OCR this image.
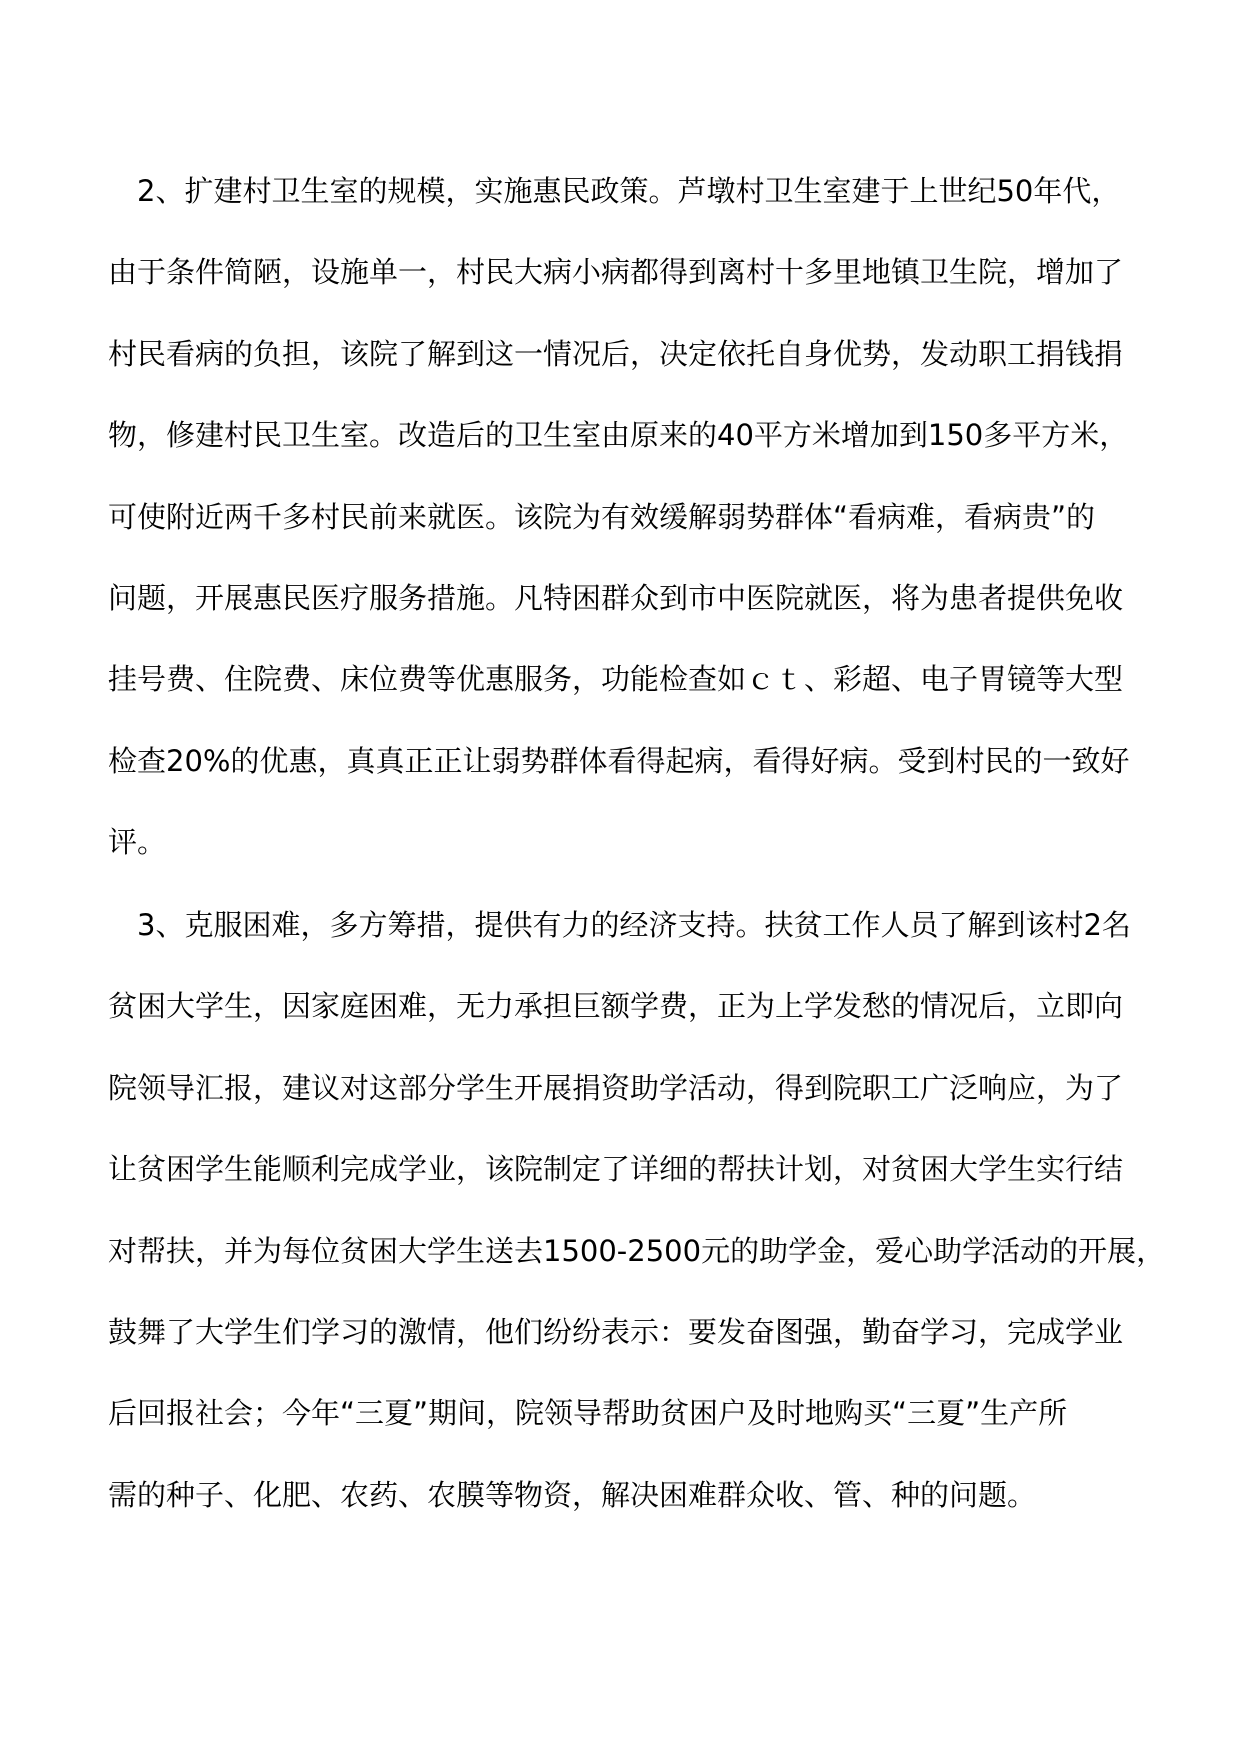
　2、扩建村卫生室的规模，实施惠民政策。芦墩村卫生室建于上世纪50年代，
由于条件简陋，设施单一，村民大病小病都得到离村十多里地镇卫生院，增加了
村民看病的负担，该院了解到这一情况后，决定依托自身优势，发动职工捐钱捐
物，修建村民卫生室。改造后的卫生室由原来的40平方米增加到150多平方米，
可使附近两千多村民前来就医。该院为有效缓解弱势群体“看病难，看病贵”的
问题，开展惠民医疗服务措施。凡特困群众到市中医院就医，将为患者提供免收
挂号费、住院费、床位费等优惠服务，功能检查如ｃｔ、彩超、电子胃镜等大型
检查20%的优惠，真真正正让弱势群体看得起病，看得好病。受到村民的一致好
评。
　3、克服困难，多方筹措，提供有力的经济支持。扶贫工作人员了解到该村2名
贫困大学生，因家庭困难，无力承担巨额学费，正为上学发愁的情况后，立即向
院领导汇报，建议对这部分学生开展捐资助学活动，得到院职工广泛响应，为了
让贫困学生能顺利完成学业，该院制定了详细的帮扶计划，对贫困大学生实行结
对帮扶，并为每位贫困大学生送去1500-2500元的助学金，爱心助学活动的开展，
鼓舞了大学生们学习的激情，他们纷纷表示：要发奋图强，勤奋学习，完成学业
后回报社会；今年“三夏”期间，院领导帮助贫困户及时地购买“三夏”生产所
需的种子、化肥、农药、农膜等物资，解决困难群众收、管、种的问题。
